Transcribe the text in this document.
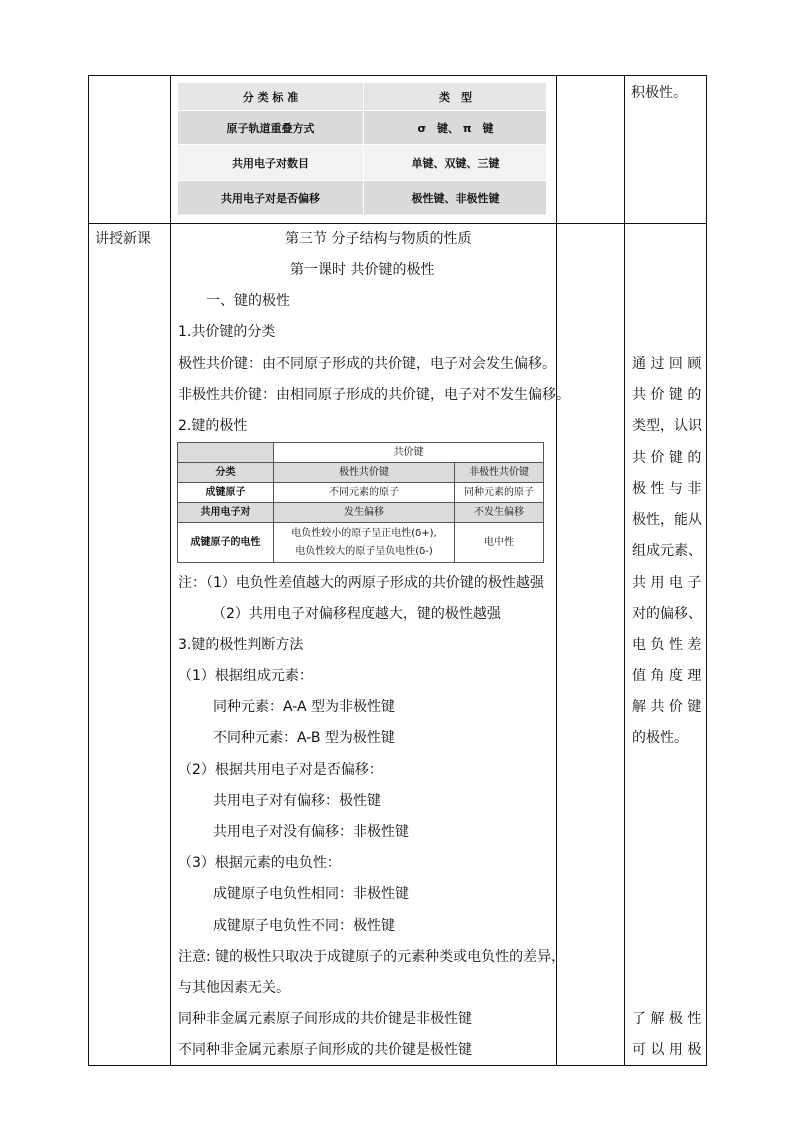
分 类 标 准	类　型
原子轨道重叠方式	σ　键、 π　键
共用电子对数目	单键、双键、三键
共用电子对是否偏移	极性键、非极性键
积极性。
讲授新课	第三节 分子结构与物质的性质
第一课时 共价键的极性
一、键的极性
1.共价键的分类
极性共价键：由不同原子形成的共价键，电子对会发生偏移。
非极性共价键：由相同原子形成的共价键，电子对不发生偏移。
2.键的极性
	共价键	
分类	极性共价键	非极性共价键
成键原子	不同元素的原子	同种元素的原子
共用电子对	发生偏移	不发生偏移
成键原子的电性	电负性较小的原子呈正电性(δ+),
电负性较大的原子呈负电性(δ-)	电中性
注：（1）电负性差值越大的两原子形成的共价键的极性越强
（2）共用电子对偏移程度越大，键的极性越强
3.键的极性判断方法
（1）根据组成元素：
同种元素：A-A 型为非极性键
不同种元素：A-B 型为极性键
（2）根据共用电子对是否偏移：
共用电子对有偏移：极性键
共用电子对没有偏移：非极性键
（3）根据元素的电负性：
成键原子电负性相同：非极性键
成键原子电负性不同：极性键
注意: 键的极性只取决于成键原子的元素种类或电负性的差异，
与其他因素无关。
同种非金属元素原子间形成的共价键是非极性键
不同种非金属元素原子间形成的共价键是极性键
通 过 回 顾
共 价 键 的
类型，认识
共 价 键 的
极 性 与 非
极性，能从
组成元素、
共 用 电 子
对的偏移、
电 负 性 差
值 角 度 理
解 共 价 键
的极性。
了 解 极 性
可 以 用 极
